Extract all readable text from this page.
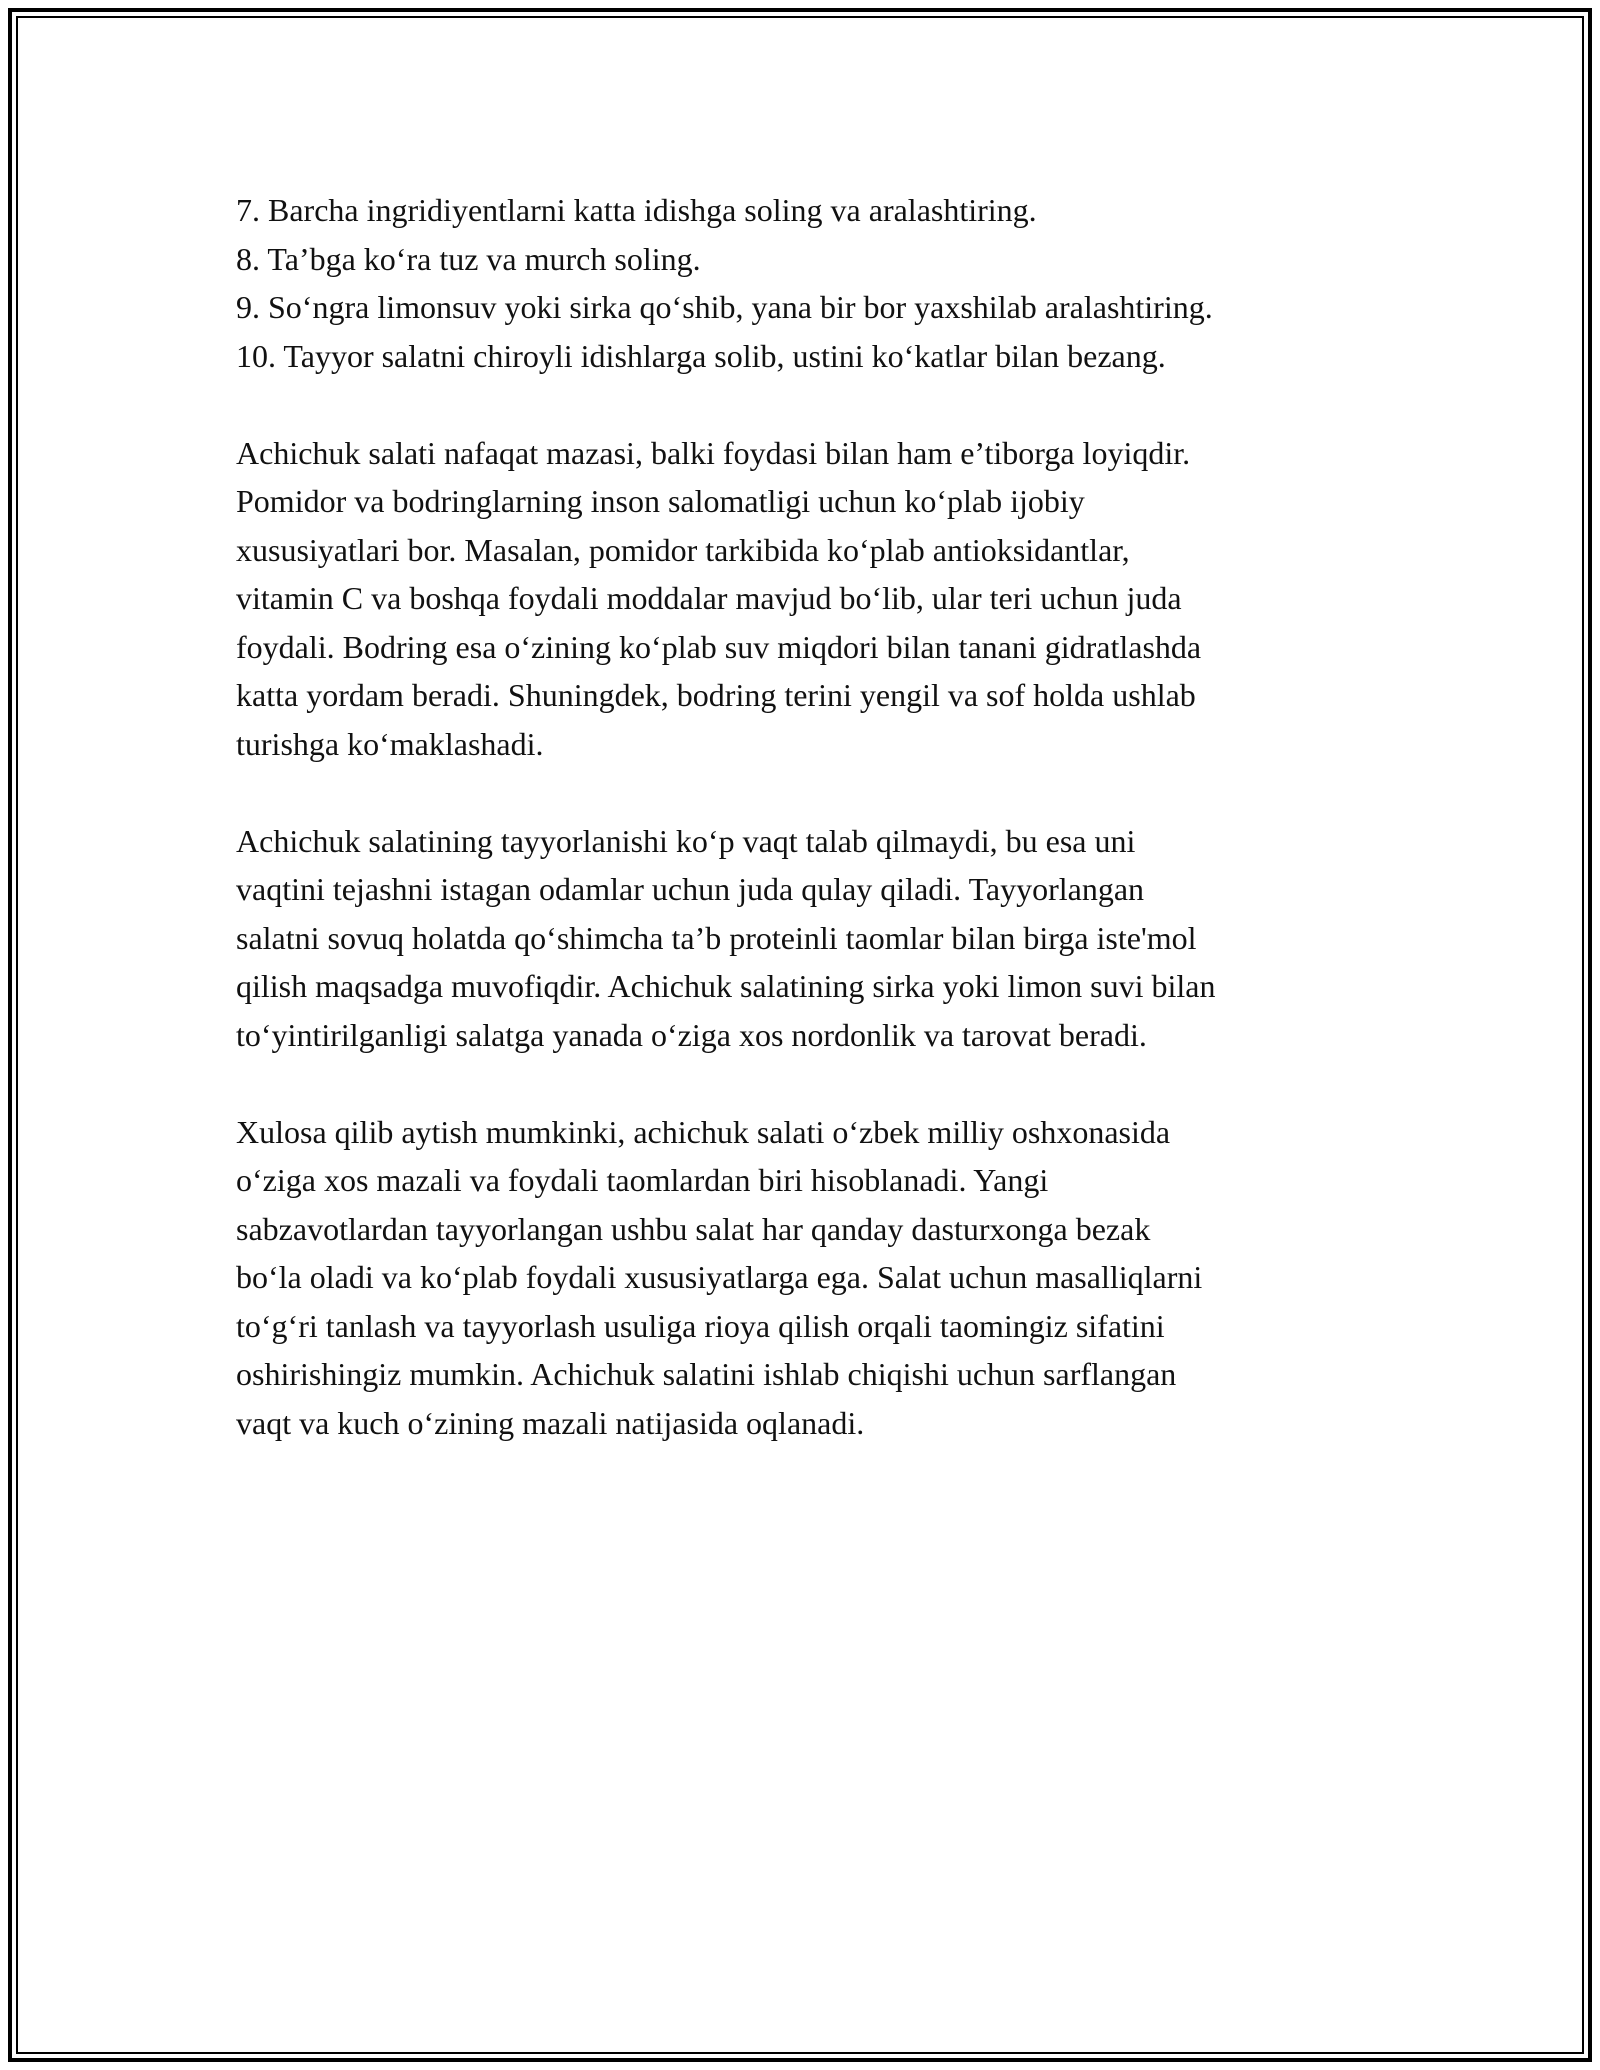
7. Barcha ingridiyentlarni katta idishga soling va aralashtiring.
8. Ta’bga ko‘ra tuz va murch soling.
9. So‘ngra limonsuv yoki sirka qo‘shib, yana bir bor yaxshilab aralashtiring.
10. Tayyor salatni chiroyli idishlarga solib, ustini ko‘katlar bilan bezang.

Achichuk salati nafaqat mazasi, balki foydasi bilan ham e’tiborga loyiqdir.
Pomidor va bodringlarning inson salomatligi uchun ko‘plab ijobiy
xususiyatlari bor. Masalan, pomidor tarkibida ko‘plab antioksidantlar,
vitamin C va boshqa foydali moddalar mavjud bo‘lib, ular teri uchun juda
foydali. Bodring esa o‘zining ko‘plab suv miqdori bilan tanani gidratlashda
katta yordam beradi. Shuningdek, bodring terini yengil va sof holda ushlab
turishga ko‘maklashadi.

Achichuk salatining tayyorlanishi ko‘p vaqt talab qilmaydi, bu esa uni
vaqtini tejashni istagan odamlar uchun juda qulay qiladi. Tayyorlangan
salatni sovuq holatda qo‘shimcha ta’b proteinli taomlar bilan birga iste'mol
qilish maqsadga muvofiqdir. Achichuk salatining sirka yoki limon suvi bilan
to‘yintirilganligi salatga yanada o‘ziga xos nordonlik va tarovat beradi.

Xulosa qilib aytish mumkinki, achichuk salati o‘zbek milliy oshxonasida
o‘ziga xos mazali va foydali taomlardan biri hisoblanadi. Yangi
sabzavotlardan tayyorlangan ushbu salat har qanday dasturxonga bezak
bo‘la oladi va ko‘plab foydali xususiyatlarga ega. Salat uchun masalliqlarni
to‘g‘ri tanlash va tayyorlash usuliga rioya qilish orqali taomingiz sifatini
oshirishingiz mumkin. Achichuk salatini ishlab chiqishi uchun sarflangan
vaqt va kuch o‘zining mazali natijasida oqlanadi.
